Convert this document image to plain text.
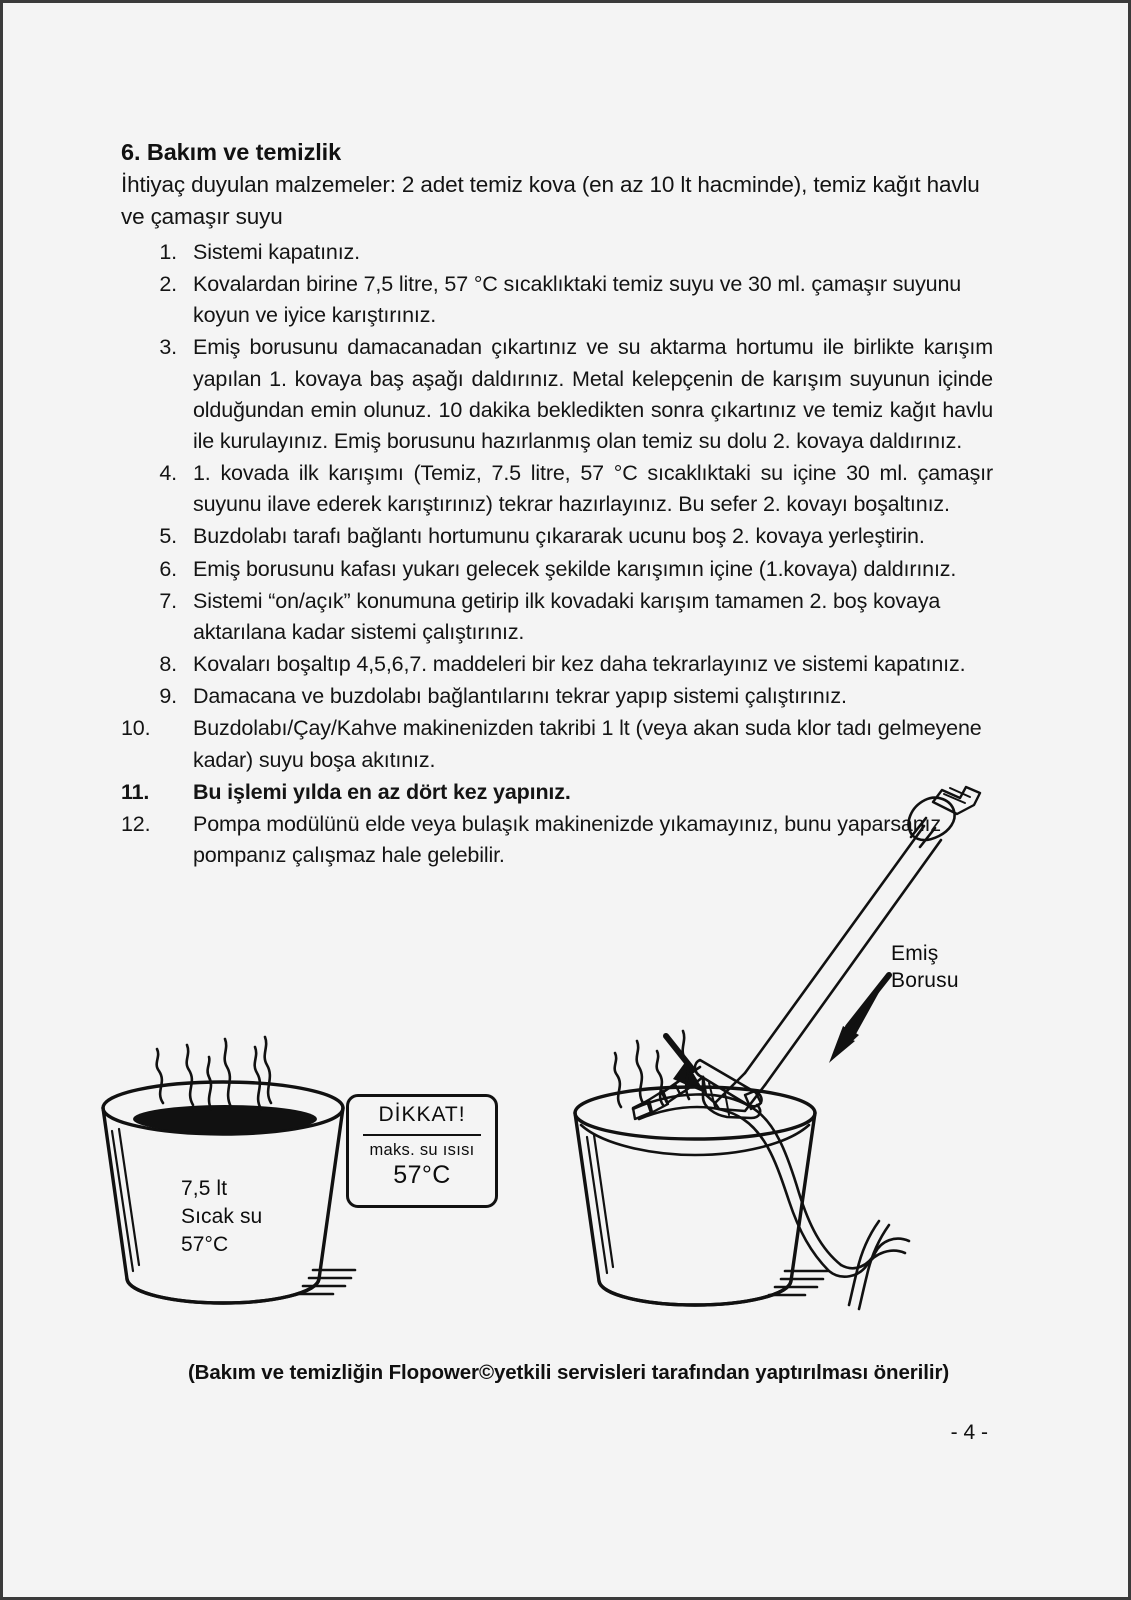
6. Bakım ve temizlik

İhtiyaç duyulan malzemeler: 2 adet temiz kova (en az 10 lt hacminde), temiz kağıt havlu ve çamaşır suyu

1. Sistemi kapatınız.
2. Kovalardan birine 7,5 litre, 57 °C sıcaklıktaki temiz suyu ve 30 ml. çamaşır suyunu koyun ve iyice karıştırınız.
3. Emiş borusunu damacanadan çıkartınız ve su aktarma hortumu ile birlikte karışım yapılan 1. kovaya baş aşağı daldırınız. Metal kelepçenin de karışım suyunun içinde olduğundan emin olunuz. 10 dakika bekledikten sonra çıkartınız ve temiz kağıt havlu ile kurulayınız. Emiş borusunu hazırlanmış olan temiz su dolu 2. kovaya daldırınız.
4. 1. kovada ilk karışımı (Temiz, 7.5 litre, 57 °C sıcaklıktaki su içine 30 ml. çamaşır suyunu ilave ederek karıştırınız) tekrar hazırlayınız. Bu sefer 2. kovayı boşaltınız.
5. Buzdolabı tarafı bağlantı hortumunu çıkararak ucunu boş 2. kovaya yerleştirin.
6. Emiş borusunu kafası yukarı gelecek şekilde karışımın içine (1.kovaya) daldırınız.
7. Sistemi “on/açık” konumuna getirip ilk kovadaki karışım tamamen 2. boş kovaya aktarılana kadar sistemi çalıştırınız.
8. Kovaları boşaltıp 4,5,6,7. maddeleri bir kez daha tekrarlayınız ve sistemi kapatınız.
9. Damacana ve buzdolabı bağlantılarını tekrar yapıp sistemi çalıştırınız.
10.	Buzdolabı/Çay/Kahve makinenizden takribi 1 lt (veya akan suda klor tadı gelmeyene kadar) suyu boşa akıtınız.
11.	Bu işlemi yılda en az dört kez yapınız.
12.	Pompa modülünü elde veya bulaşık makinenizde yıkamayınız, bunu yaparsanız pompanız çalışmaz hale gelebilir.
Emiş
Borusu
7,5 lt
Sıcak su
57°C
DİKKAT!
maks. su ısısı
57°C
(Bakım ve temizliğin Flopower©yetkili servisleri tarafından yaptırılması önerilir)
- 4 -
